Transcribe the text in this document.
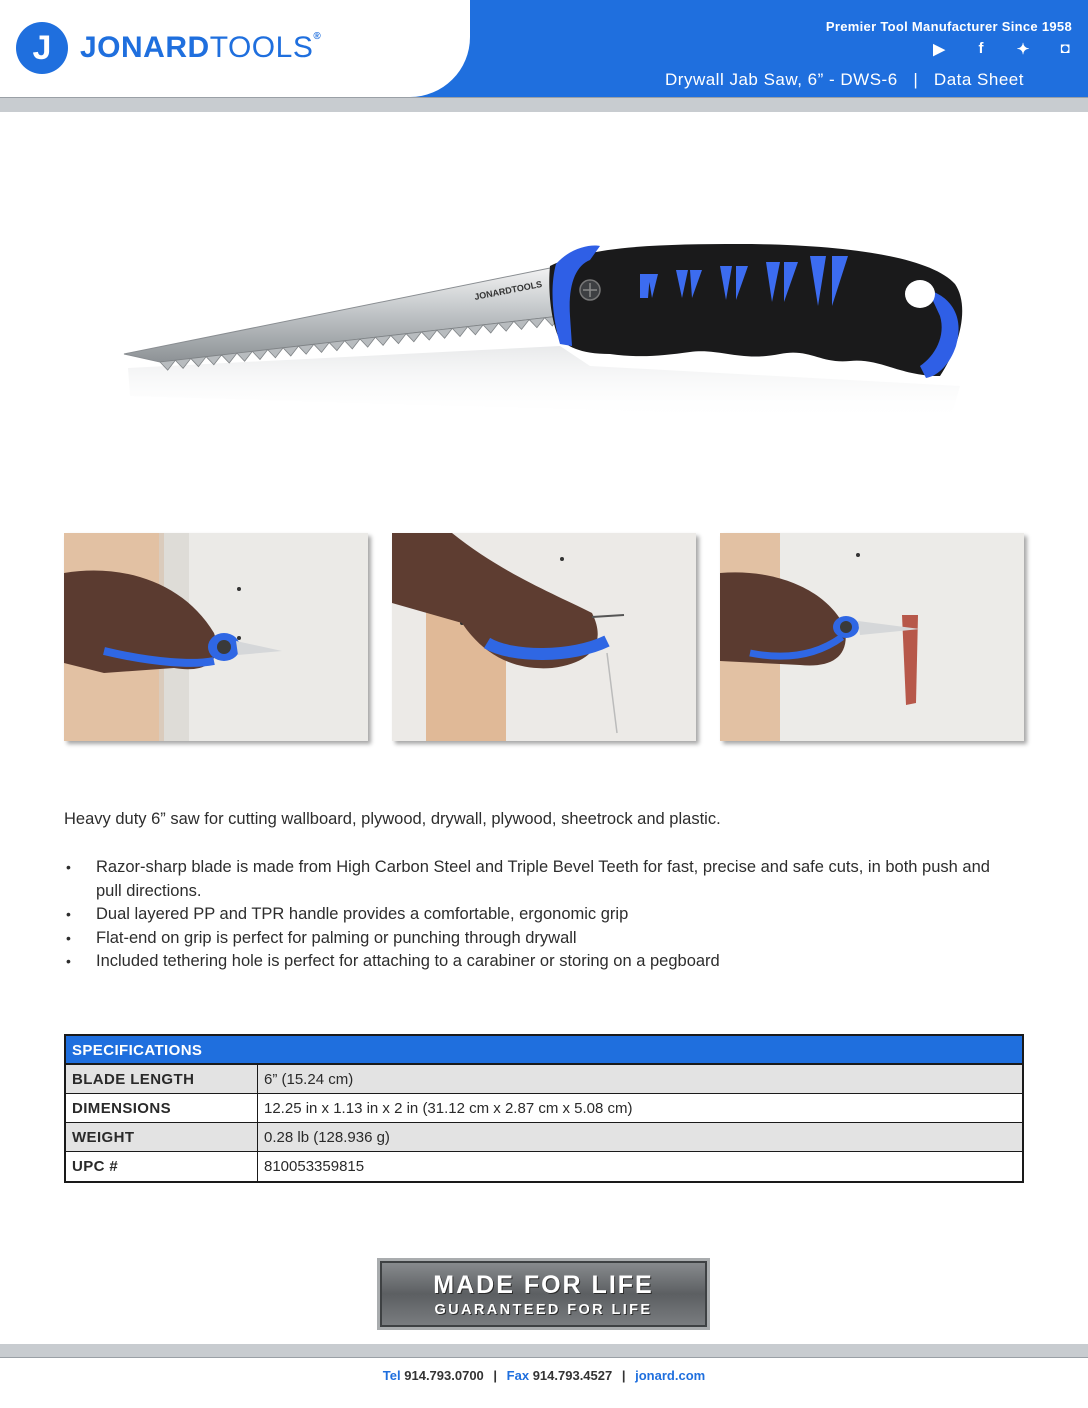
J JONARDTOOLS®
Premier Tool Manufacturer Since 1958
▶	f	✦ ◘
Drywall Jab Saw, 6” - DWS-6   |   Data Sheet
JONARDTOOLS
Heavy duty 6” saw for cutting wallboard, plywood, drywall, plywood, sheetrock and plastic.
• Razor-sharp blade is made from High Carbon Steel and Triple Bevel Teeth for fast, precise and safe cuts, in both push and pull directions.
• Dual layered PP and TPR handle provides a comfortable, ergonomic grip
• Flat-end on grip is perfect for palming or punching through drywall
• Included tethering hole is perfect for attaching to a carabiner or storing on a pegboard
SPECIFICATIONS
BLADE LENGTH	6” (15.24 cm)
DIMENSIONS	12.25 in x 1.13 in x 2 in (31.12 cm x 2.87 cm x 5.08 cm)
WEIGHT	0.28 lb (128.936 g)
UPC #	810053359815
MADE FOR LIFE
GUARANTEED FOR LIFE
Tel 914.793.0700 | Fax 914.793.4527 | jonard.com
